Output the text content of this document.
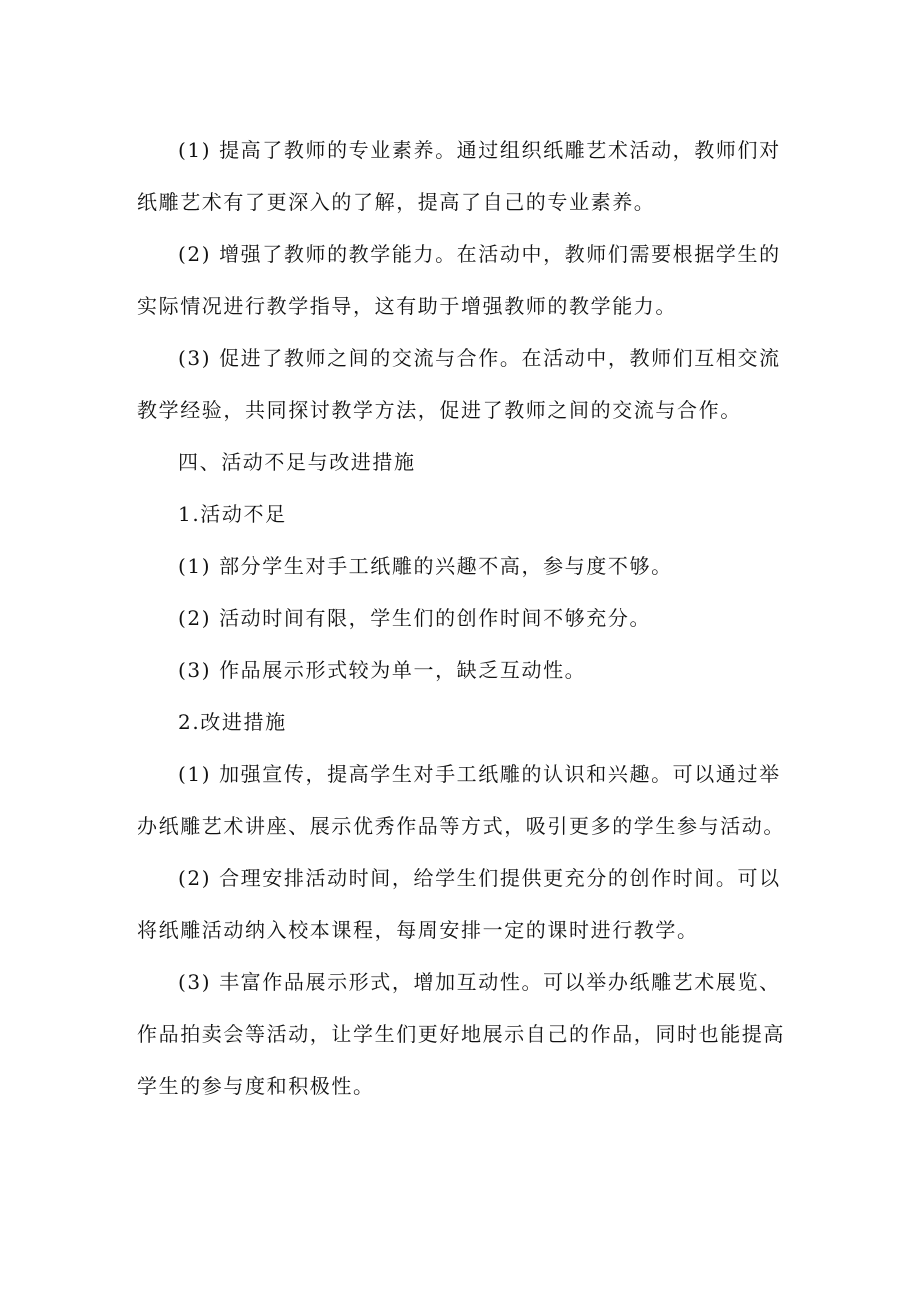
(1) 提高了教师的专业素养。通过组织纸雕艺术活动，教师们对纸雕艺术有了更深入的了解，提高了自己的专业素养。

(2) 增强了教师的教学能力。在活动中，教师们需要根据学生的实际情况进行教学指导，这有助于增强教师的教学能力。

(3) 促进了教师之间的交流与合作。在活动中，教师们互相交流教学经验，共同探讨教学方法，促进了教师之间的交流与合作。

四、活动不足与改进措施

1.活动不足

(1) 部分学生对手工纸雕的兴趣不高，参与度不够。

(2) 活动时间有限，学生们的创作时间不够充分。

(3) 作品展示形式较为单一，缺乏互动性。

2.改进措施

(1) 加强宣传，提高学生对手工纸雕的认识和兴趣。可以通过举办纸雕艺术讲座、展示优秀作品等方式，吸引更多的学生参与活动。

(2) 合理安排活动时间，给学生们提供更充分的创作时间。可以将纸雕活动纳入校本课程，每周安排一定的课时进行教学。

(3) 丰富作品展示形式，增加互动性。可以举办纸雕艺术展览、作品拍卖会等活动，让学生们更好地展示自己的作品，同时也能提高学生的参与度和积极性。
